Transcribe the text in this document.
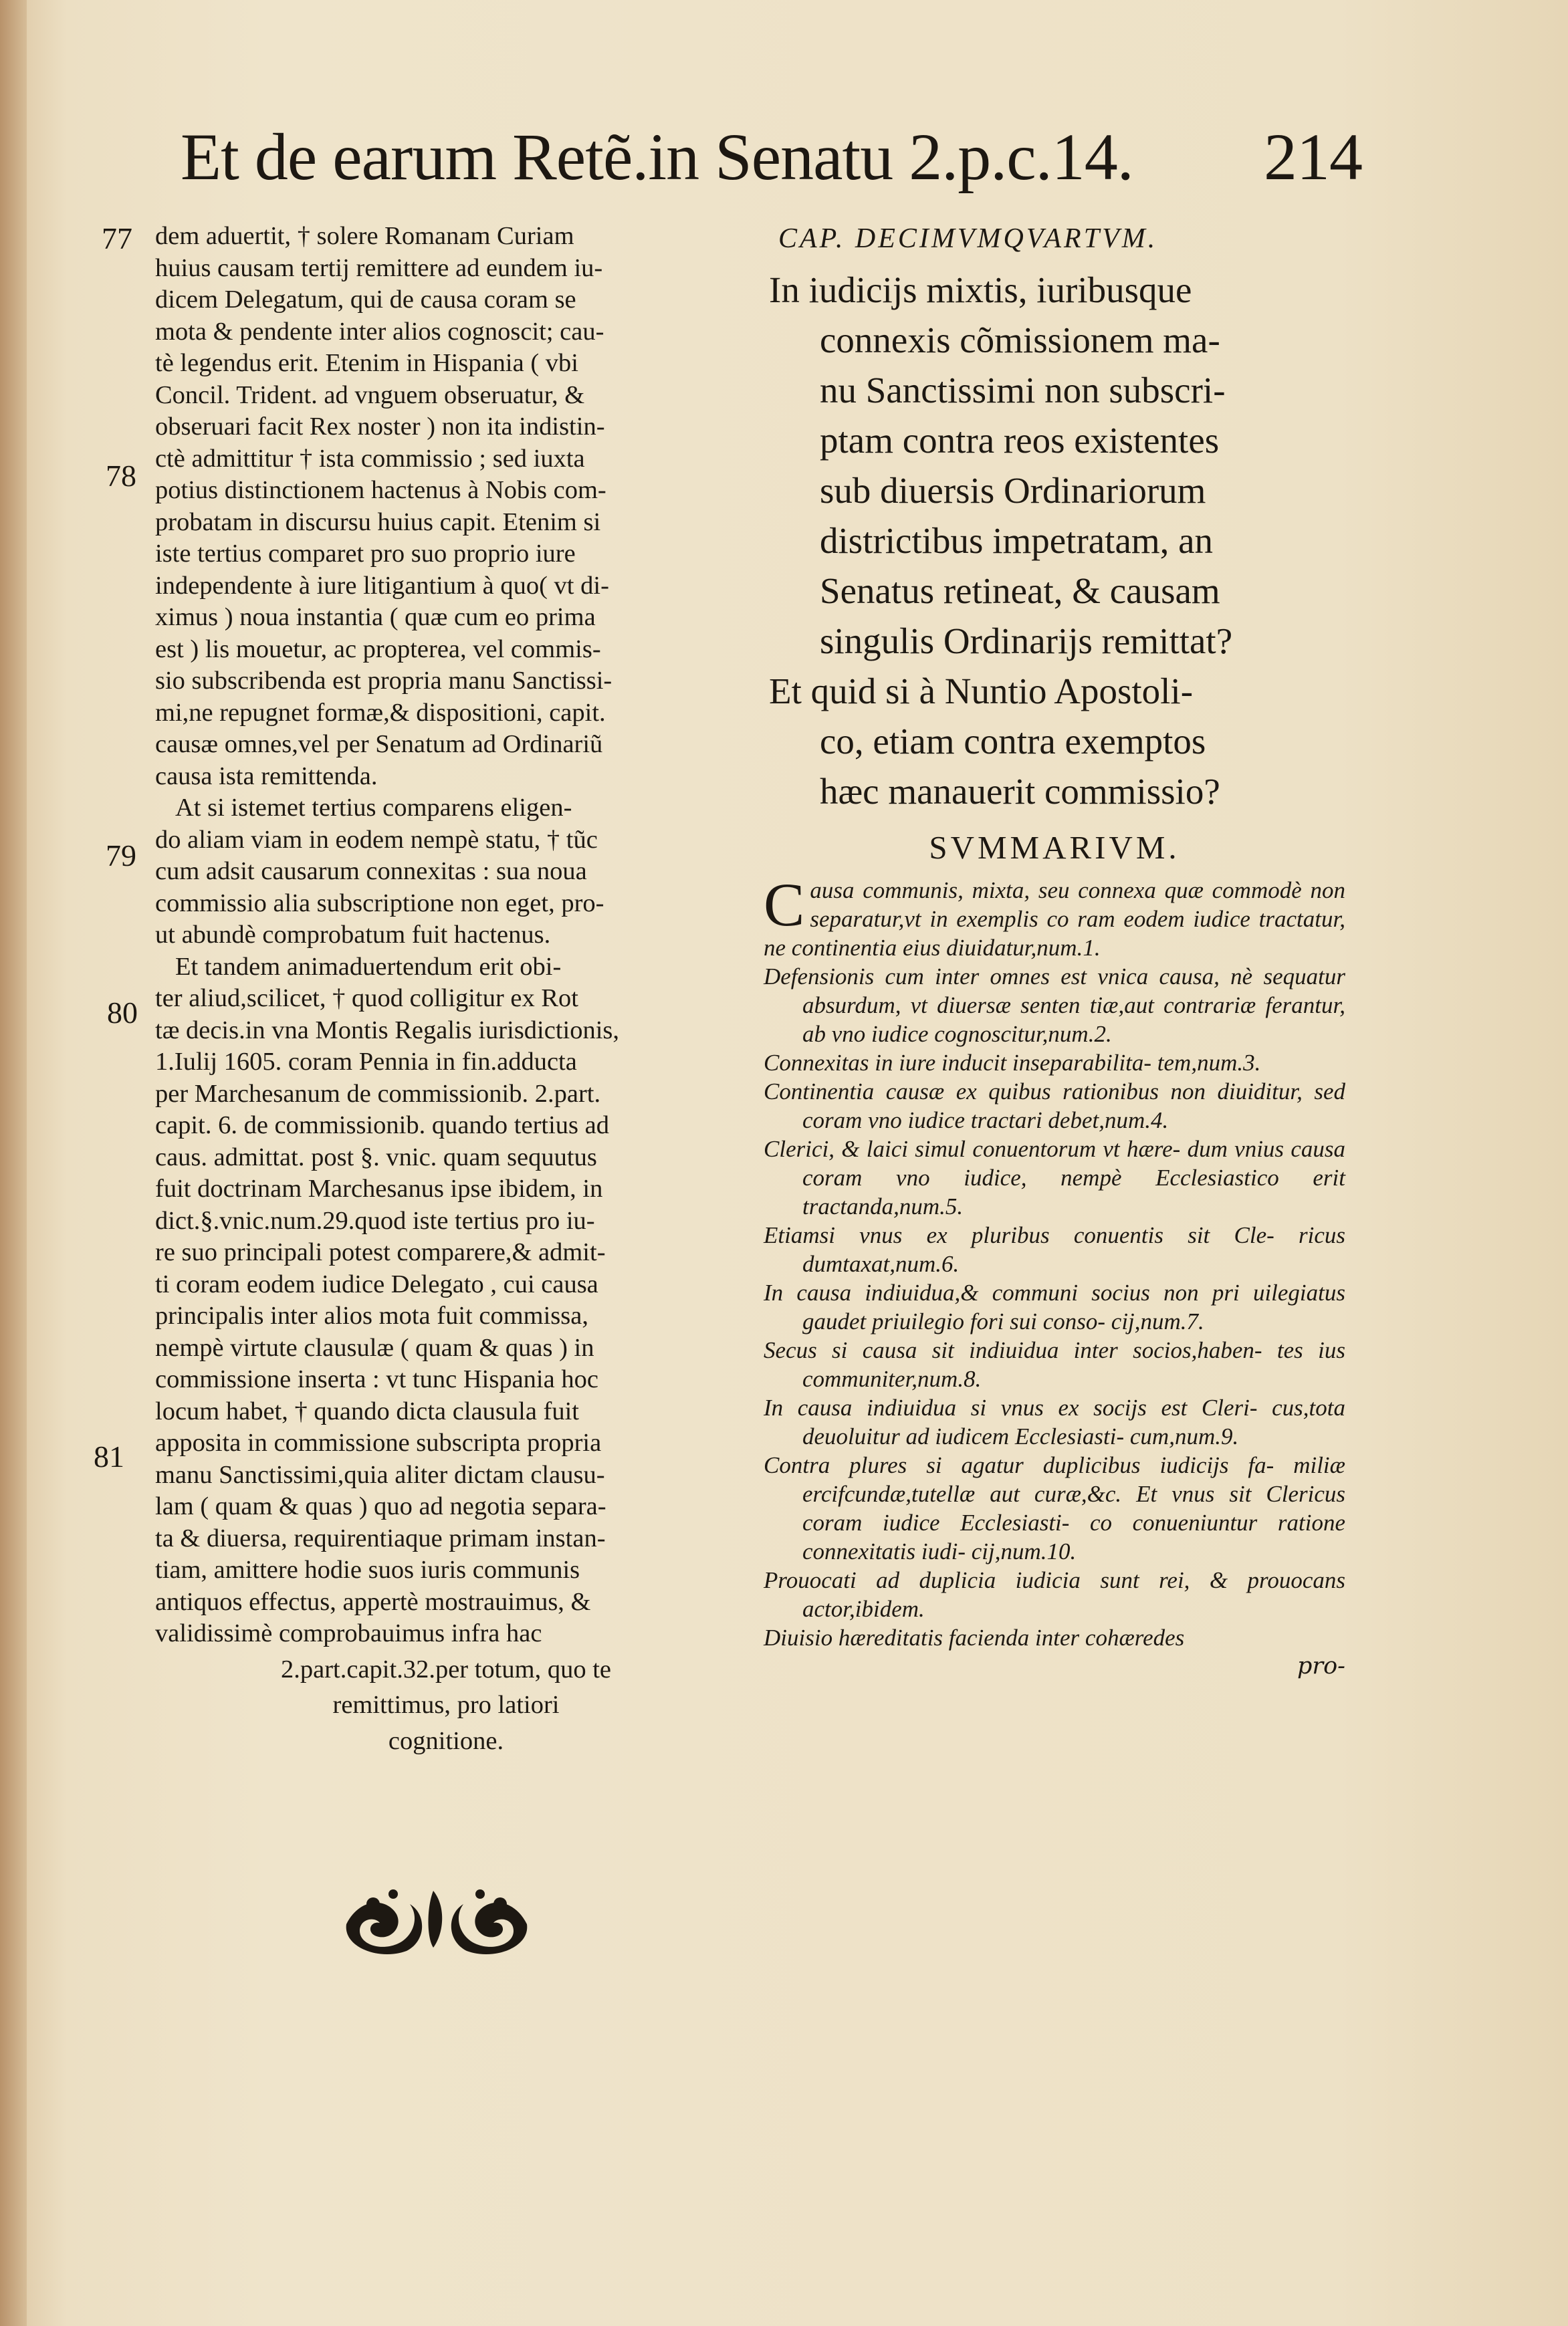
Et de earum Retẽ.in Senatu 2.p.c.14. 214

dem aduertit, † solere Romanam Curiam

huius causam tertij remittere ad eundem iu-

dicem Delegatum, qui de causa coram se

mota & pendente inter alios cognoscit; cau-

tè legendus erit. Etenim in Hispania ( vbi

Concil. Trident. ad vnguem obseruatur, &

obseruari facit Rex noster ) non ita indistin-

ctè admittitur † ista commissio ; sed iuxta

potius distinctionem hactenus à Nobis com-

probatam in discursu huius capit. Etenim si

iste tertius comparet pro suo proprio iure

independente à iure litigantium à quo( vt di-

ximus ) noua instantia ( quæ cum eo prima

est ) lis mouetur, ac propterea, vel commis-

sio subscribenda est propria manu Sanctissi-

mi,ne repugnet formæ,& dispositioni, capit.

causæ omnes,vel per Senatum ad Ordinariũ

causa ista remittenda.

At si istemet tertius comparens eligen-

do aliam viam in eodem nempè statu, † tũc

cum adsit causarum connexitas : sua noua

commissio alia subscriptione non eget, pro-

ut abundè comprobatum fuit hactenus.

Et tandem animaduertendum erit obi-

ter aliud,scilicet, † quod colligitur ex Rot

tæ decis.in vna Montis Regalis iurisdictionis,

1.Iulij 1605. coram Pennia in fin.adducta

per Marchesanum de commissionib. 2.part.

capit. 6. de commissionib. quando tertius ad

caus. admittat. post §. vnic. quam sequutus

fuit doctrinam Marchesanus ipse ibidem, in

dict.§.vnic.num.29.quod iste tertius pro iu-

re suo principali potest comparere,& admit-

ti coram eodem iudice Delegato , cui causa

principalis inter alios mota fuit commissa,

nempè virtute clausulæ ( quam & quas ) in

commissione inserta : vt tunc Hispania hoc

locum habet, † quando dicta clausula fuit

apposita in commissione subscripta propria

manu Sanctissimi,quia aliter dictam clausu-

lam ( quam & quas ) quo ad negotia separa-

ta & diuersa, requirentiaque primam instan-

tiam, amittere hodie suos iuris communis

antiquos effectus, appertè mostrauimus, &

validissimè comprobauimus infra hac

2.part.capit.32.per totum, quo te

remittimus, pro latiori

cognitione.

77
78
79
80
81

CAP. DECIMVMQVARTVM.

In iudicijs mixtis, iuribusque
connexis cõmissionem ma-
nu Sanctissimi non subscri-
ptam contra reos existentes
sub diuersis Ordinariorum
districtibus impetratam, an
Senatus retineat, & causam
singulis Ordinarijs remittat?
Et quid si à Nuntio Apostoli-
co, etiam contra exemptos
hæc manauerit commissio?
SVMMARIVM.

Causa communis, mixta, seu connexa quæ commodè non separatur,vt in exemplis co ram eodem iudice tractatur, ne continentia eius diuidatur,num.1.

Defensionis cum inter omnes est vnica causa, nè sequatur absurdum, vt diuersæ senten tiæ,aut contrariæ ferantur, ab vno iudice cognoscitur,num.2.

Connexitas in iure inducit inseparabilita- tem,num.3.

Continentia causæ ex quibus rationibus non diuiditur, sed coram vno iudice tractari debet,num.4.

Clerici, & laici simul conuentorum vt hære- dum vnius causa coram vno iudice, nempè Ecclesiastico erit tractanda,num.5.

Etiamsi vnus ex pluribus conuentis sit Cle- ricus dumtaxat,num.6.

In causa indiuidua,& communi socius non pri uilegiatus gaudet priuilegio fori sui conso- cij,num.7.

Secus si causa sit indiuidua inter socios,haben- tes ius communiter,num.8.

In causa indiuidua si vnus ex socijs est Cleri- cus,tota deuoluitur ad iudicem Ecclesiasti- cum,num.9.

Contra plures si agatur duplicibus iudicijs fa- miliæ ercifcundæ,tutellæ aut curæ,&c. Et vnus sit Clericus coram iudice Ecclesiasti- co conueniuntur ratione connexitatis iudi- cij,num.10.

Prouocati ad duplicia iudicia sunt rei, & prouocans actor,ibidem.

Diuisio hæreditatis facienda inter cohæredes

pro-
